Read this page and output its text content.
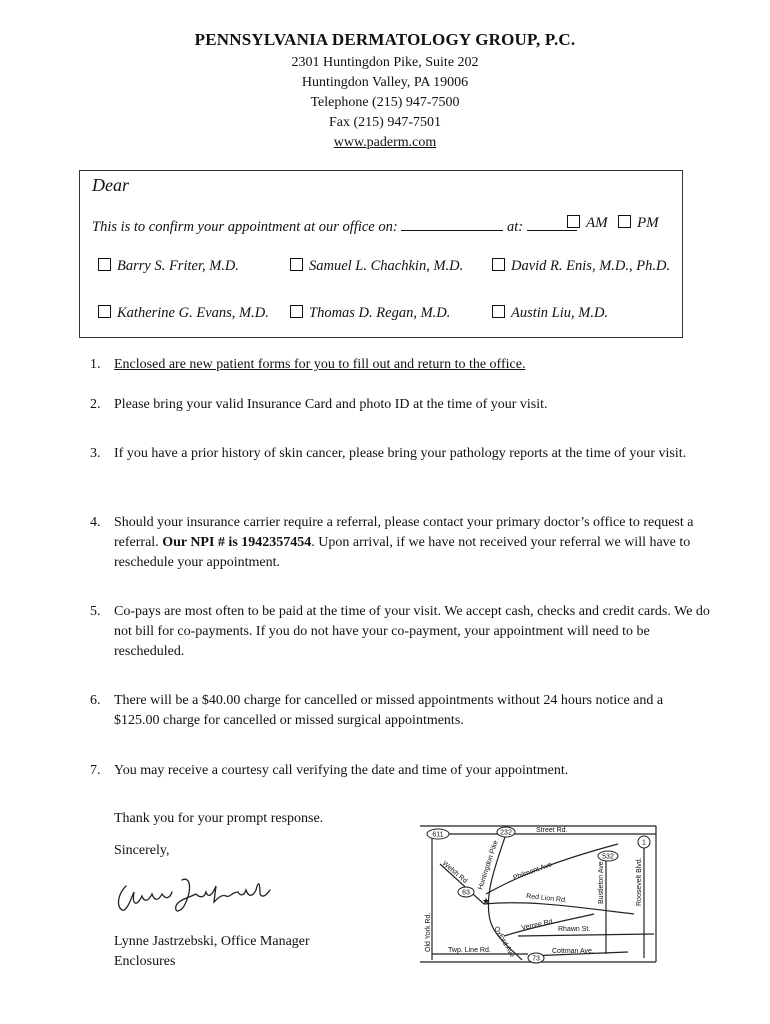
PENNSYLVANIA DERMATOLOGY GROUP, P.C.
2301 Huntingdon Pike, Suite 202
Huntingdon Valley, PA 19006
Telephone (215) 947-7500
Fax (215) 947-7501
www.paderm.com
Dear
This is to confirm your appointment at our office on:	at:	AM	PM
Barry S. Friter, M.D.	Samuel L. Chachkin, M.D.	David R. Enis, M.D., Ph.D.
Katherine G. Evans, M.D.	Thomas D. Regan, M.D.	Austin Liu, M.D.
1. Enclosed are new patient forms for you to fill out and return to the office.
2. Please bring your valid Insurance Card and photo ID at the time of your visit.
3. If you have a prior history of skin cancer, please bring your pathology reports at the time of your visit.
4. Should your insurance carrier require a referral, please contact your primary doctor’s office to request a referral. Our NPI # is 1942357454. Upon arrival, if we have not received your referral we will have to reschedule your appointment.
5. Co-pays are most often to be paid at the time of your visit. We accept cash, checks and credit cards. We do not bill for co-payments. If you do not have your co-payment, your appointment will need to be rescheduled.
6. There will be a $40.00 charge for cancelled or missed appointments without 24 hours notice and a $125.00 charge for cancelled or missed surgical appointments.
7. You may receive a courtesy call verifying the date and time of your appointment.
Thank you for your prompt response.
Sincerely,
Lynne Jastrzebski, Office Manager
Enclosures
611	232
1
532
63
73
Street Rd.
Welsh Rd Huntingdon Pike Philmont Ave
Red Lion Rd.
Verree Rd Rhawn St.
Old York Rd.	Oxford Ave
Bustleton Ave.	Roosevelt Blvd.
Twp. Line Rd.	Cottman Ave.
★
